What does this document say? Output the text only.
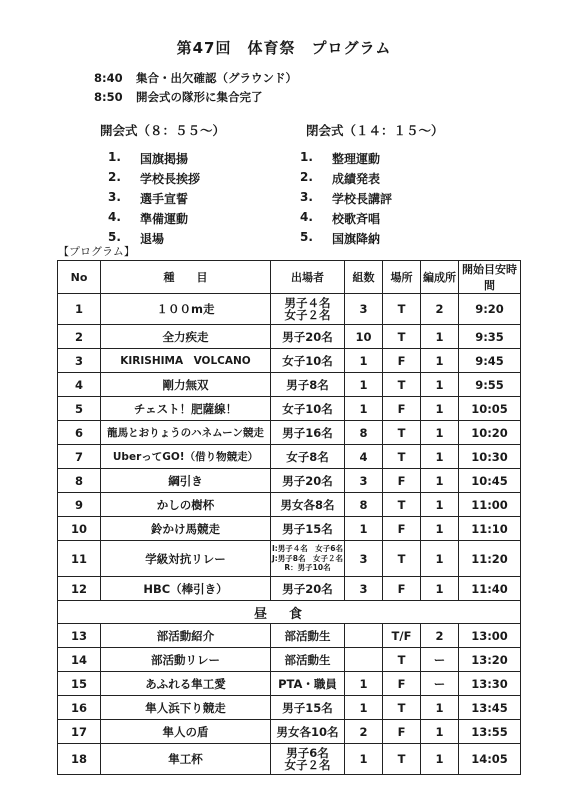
第47回　体育祭　プログラム
8:40 集合・出欠確認（グラウンド）
8:50 開会式の隊形に集合完了
開会式（８：５５～）	閉会式（１４：１５～）
1.	国旗掲揚
2.	学校長挨拶
3.	選手宣誓
4.	準備運動
5.	退場
1.	整理運動
2.	成績発表
3.	学校長講評
4.	校歌斉唱
5.	国旗降納
【プログラム】
No	種　　目	出場者	組数	場所	編成所	開始目安時間
1	１００m走	男子４名
女子２名	3	T	2	9:20
2	全力疾走	男子20名	10	T	1	9:35
3	KIRISHIMA　VOLCANO	女子10名	1	F	1	9:45
4	剛力無双	男子8名	1	T	1	9:55
5	チェスト！肥薩線！	女子10名	1	F	1	10:05
6	龍馬とおりょうのハネムーン競走	男子16名	8	T	1	10:20
7	UberってGO!（借り物競走）	女子8名	4	T	1	10:30
8	綱引き	男子20名	3	F	1	10:45
9	かしの樹杯	男女各8名	8	T	1	11:00
10	鈴かけ馬競走	男子15名	1	F	1	11:10
11	学級対抗リレー	I:男子４名　女子6名
J:男子8名　女子２名
R：男子10名	3	T	1	11:20
12	HBC（棒引き）	男子20名	3	F	1	11:40
昼食						
13	部活動紹介	部活動生		T/F	2	13:00
14	部活動リレー	部活動生		T	ー	13:20
15	あふれる隼工愛	PTA・職員	1	F	ー	13:30
16	隼人浜下り競走	男子15名	1	T	1	13:45
17	隼人の盾	男女各10名	2	F	1	13:55
18	隼工杯	男子6名
女子２名	1	T	1	14:05
